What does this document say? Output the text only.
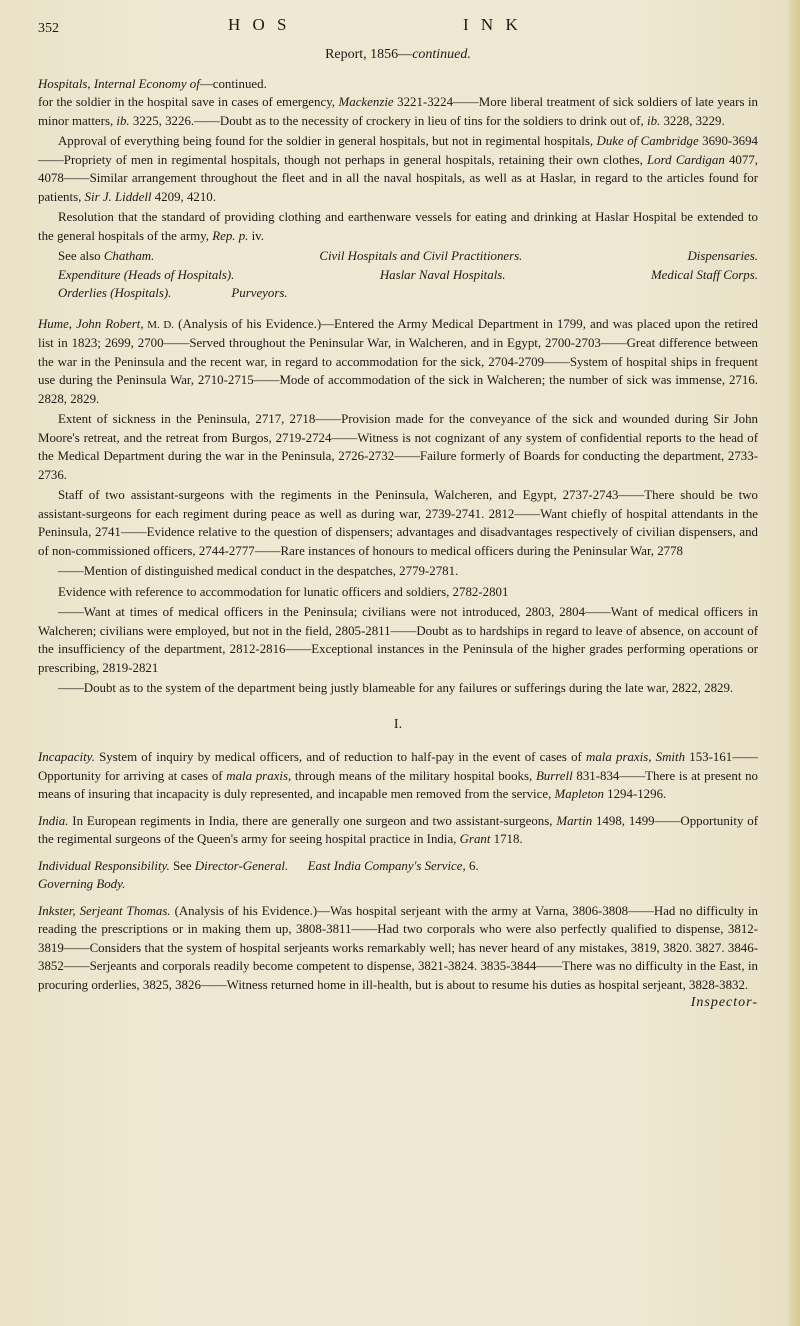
352	H O S	I N K
Report, 1856—continued.

Hospitals, Internal Economy of—continued.
for the soldier in the hospital save in cases of emergency, Mackenzie 3221-3224——More liberal treatment of sick soldiers of late years in minor matters, ib. 3225, 3226.——Doubt as to the necessity of crockery in lieu of tins for the soldiers to drink out of, ib. 3228, 3229.

Approval of everything being found for the soldier in general hospitals, but not in regimental hospitals, Duke of Cambridge 3690-3694——Propriety of men in regimental hospitals, though not perhaps in general hospitals, retaining their own clothes, Lord Cardigan 4077, 4078——Similar arrangement throughout the fleet and in all the naval hospitals, as well as at Haslar, in regard to the articles found for patients, Sir J. Liddell 4209, 4210.

Resolution that the standard of providing clothing and earthenware vessels for eating and drinking at Haslar Hospital be extended to the general hospitals of the army, Rep. p. iv.

See also Chatham.	Civil Hospitals and Civil Practitioners.	Dispensaries.

Expenditure (Heads of Hospitals).	Haslar Naval Hospitals.	Medical Staff Corps.

Orderlies (Hospitals).	Purveyors.

Hume, John Robert, M. D. (Analysis of his Evidence.)—Entered the Army Medical Department in 1799, and was placed upon the retired list in 1823; 2699, 2700——Served throughout the Peninsular War, in Walcheren, and in Egypt, 2700-2703——Great difference between the war in the Peninsula and the recent war, in regard to accommodation for the sick, 2704-2709——System of hospital ships in frequent use during the Peninsula War, 2710-2715——Mode of accommodation of the sick in Walcheren; the number of sick was immense, 2716. 2828, 2829.

Extent of sickness in the Peninsula, 2717, 2718——Provision made for the conveyance of the sick and wounded during Sir John Moore's retreat, and the retreat from Burgos, 2719-2724——Witness is not cognizant of any system of confidential reports to the head of the Medical Department during the war in the Peninsula, 2726-2732——Failure formerly of Boards for conducting the department, 2733-2736.

Staff of two assistant-surgeons with the regiments in the Peninsula, Walcheren, and Egypt, 2737-2743——There should be two assistant-surgeons for each regiment during peace as well as during war, 2739-2741. 2812——Want chiefly of hospital attendants in the Peninsula, 2741——Evidence relative to the question of dispensers; advantages and disadvantages respectively of civilian dispensers, and of non-commissioned officers, 2744-2777——Rare instances of honours to medical officers during the Peninsular War, 2778

——Mention of distinguished medical conduct in the despatches, 2779-2781.

Evidence with reference to accommodation for lunatic officers and soldiers, 2782-2801

——Want at times of medical officers in the Peninsula; civilians were not introduced, 2803, 2804——Want of medical officers in Walcheren; civilians were employed, but not in the field, 2805-2811——Doubt as to hardships in regard to leave of absence, on account of the insufficiency of the department, 2812-2816——Exceptional instances in the Peninsula of the higher grades performing operations or prescribing, 2819-2821

——Doubt as to the system of the department being justly blameable for any failures or sufferings during the late war, 2822, 2829.

I.

Incapacity. System of inquiry by medical officers, and of reduction to half-pay in the event of cases of mala praxis, Smith 153-161——Opportunity for arriving at cases of mala praxis, through means of the military hospital books, Burrell 831-834——There is at present no means of insuring that incapacity is duly represented, and incapable men removed from the service, Mapleton 1294-1296.

India. In European regiments in India, there are generally one surgeon and two assistant-surgeons, Martin 1498, 1499——Opportunity of the regimental surgeons of the Queen's army for seeing hospital practice in India, Grant 1718.

Individual Responsibility. See Director-General. East India Company's Service, 6.
Governing Body.

Inkster, Serjeant Thomas. (Analysis of his Evidence.)—Was hospital serjeant with the army at Varna, 3806-3808——Had no difficulty in reading the prescriptions or in making them up, 3808-3811——Had two corporals who were also perfectly qualified to dispense, 3812-3819——Considers that the system of hospital serjeants works remarkably well; has never heard of any mistakes, 3819, 3820. 3827. 3846-3852——Serjeants and corporals readily become competent to dispense, 3821-3824. 3835-3844——There was no difficulty in the East, in procuring orderlies, 3825, 3826——Witness returned home in ill-health, but is about to resume his duties as hospital serjeant, 3828-3832.

Inspector-
